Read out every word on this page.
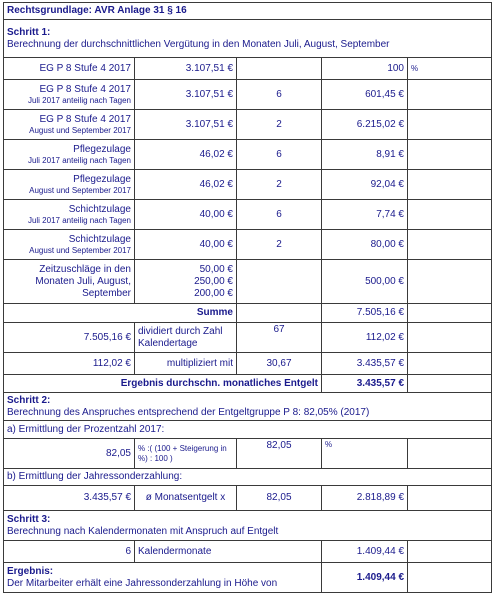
Rechtsgrundlage: AVR Anlage 31 § 16				

Schritt 1:
Berechnung der durchschnittlichen Vergütung in den Monaten Juli, August, September				

EG P 8 Stufe 4 2017	3.107,51 €		100	%

EG P 8 Stufe 4 2017
Juli 2017 anteilig nach Tagen	3.107,51 €	6	601,45 €	

EG P 8 Stufe 4 2017
August und September 2017	3.107,51 €	2	6.215,02 €	

Pflegezulage
Juli 2017 anteilig nach Tagen	46,02 €	6	8,91 €	

Pflegezulage
August und September 2017	46,02 €	2	92,04 €	

Schichtzulage
Juli 2017 anteilig nach Tagen	40,00 €	6	7,74 €	

Schichtzulage
August und September 2017	40,00 €	2	80,00 €	
Zeitzuschläge in den Monaten Juli, August, September	50,00 €
250,00 €
200,00 €		500,00 €	
Summe			7.505,16 €	
7.505,16 €	dividiert durch Zahl Kalendertage	67	112,02 €	
112,02 €	multipliziert mit	30,67	3.435,57 €	
Ergebnis durchschn. monatliches Entgelt			3.435,57 €	

Schritt 2:
Berechnung des Anspruches entsprechend der Entgeltgruppe P 8: 82,05% (2017)				

a) Ermittlung der Prozentzahl 2017:				
82,05	% :( (100 + Steigerung in %) : 100 )	82,05	%	
b) Ermittlung der Jahressonderzahlung:				
3.435,57 €	ø Monatsentgelt x	82,05	2.818,89 €	

Schritt 3:
Berechnung nach Kalendermonaten mit Anspruch auf Entgelt				

6	Kalendermonate		1.409,44 €	

Ergebnis:
Der Mitarbeiter erhält eine Jahressonderzahlung in Höhe von			1.409,44 €	
